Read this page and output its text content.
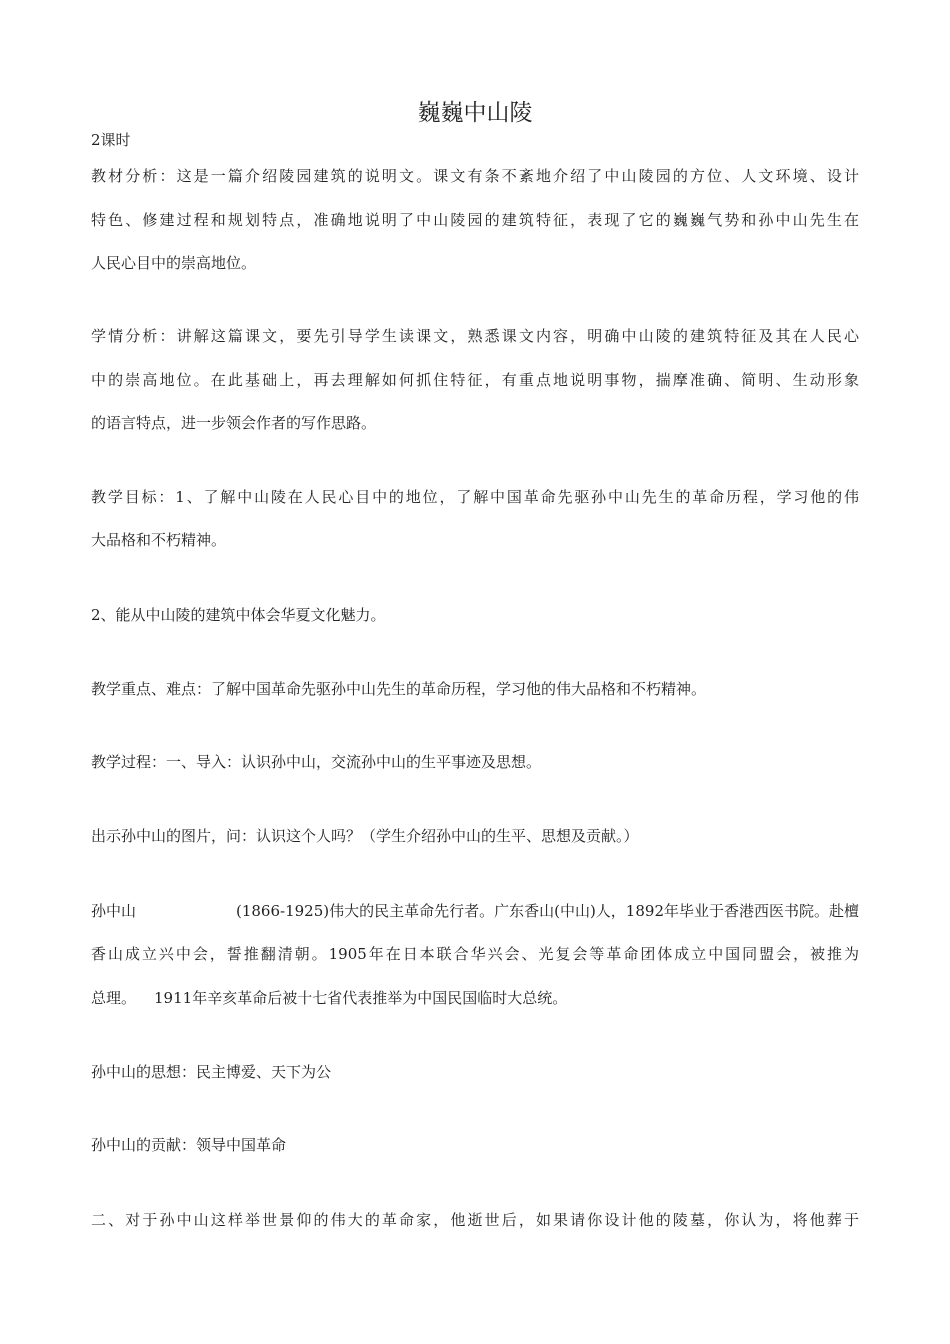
巍巍中山陵
2课时
教材分析：这是一篇介绍陵园建筑的说明文。课文有条不紊地介绍了中山陵园的方位、人文环境、设计
特色、修建过程和规划特点，准确地说明了中山陵园的建筑特征，表现了它的巍巍气势和孙中山先生在
人民心目中的崇高地位。
学情分析：讲解这篇课文，要先引导学生读课文，熟悉课文内容，明确中山陵的建筑特征及其在人民心
中的崇高地位。在此基础上，再去理解如何抓住特征，有重点地说明事物，揣摩准确、简明、生动形象
的语言特点，进一步领会作者的写作思路。
教学目标：1、了解中山陵在人民心目中的地位，了解中国革命先驱孙中山先生的革命历程，学习他的伟
大品格和不朽精神。
2、能从中山陵的建筑中体会华夏文化魅力。
教学重点、难点：了解中国革命先驱孙中山先生的革命历程，学习他的伟大品格和不朽精神。
教学过程：一、导入：认识孙中山，交流孙中山的生平事迹及思想。
出示孙中山的图片，问：认识这个人吗？（学生介绍孙中山的生平、思想及贡献。）
孙中山	(1866-1925)伟大的民主革命先行者。广东香山(中山)人，1892年毕业于香港西医书院。赴檀
香山成立兴中会，誓推翻清朝。1905年在日本联合华兴会、光复会等革命团体成立中国同盟会，被推为
总理。 1911年辛亥革命后被十七省代表推举为中国民国临时大总统。
孙中山的思想：民主博爱、天下为公
孙中山的贡献：领导中国革命
二、对于孙中山这样举世景仰的伟大的革命家，他逝世后，如果请你设计他的陵墓，你认为，将他葬于
